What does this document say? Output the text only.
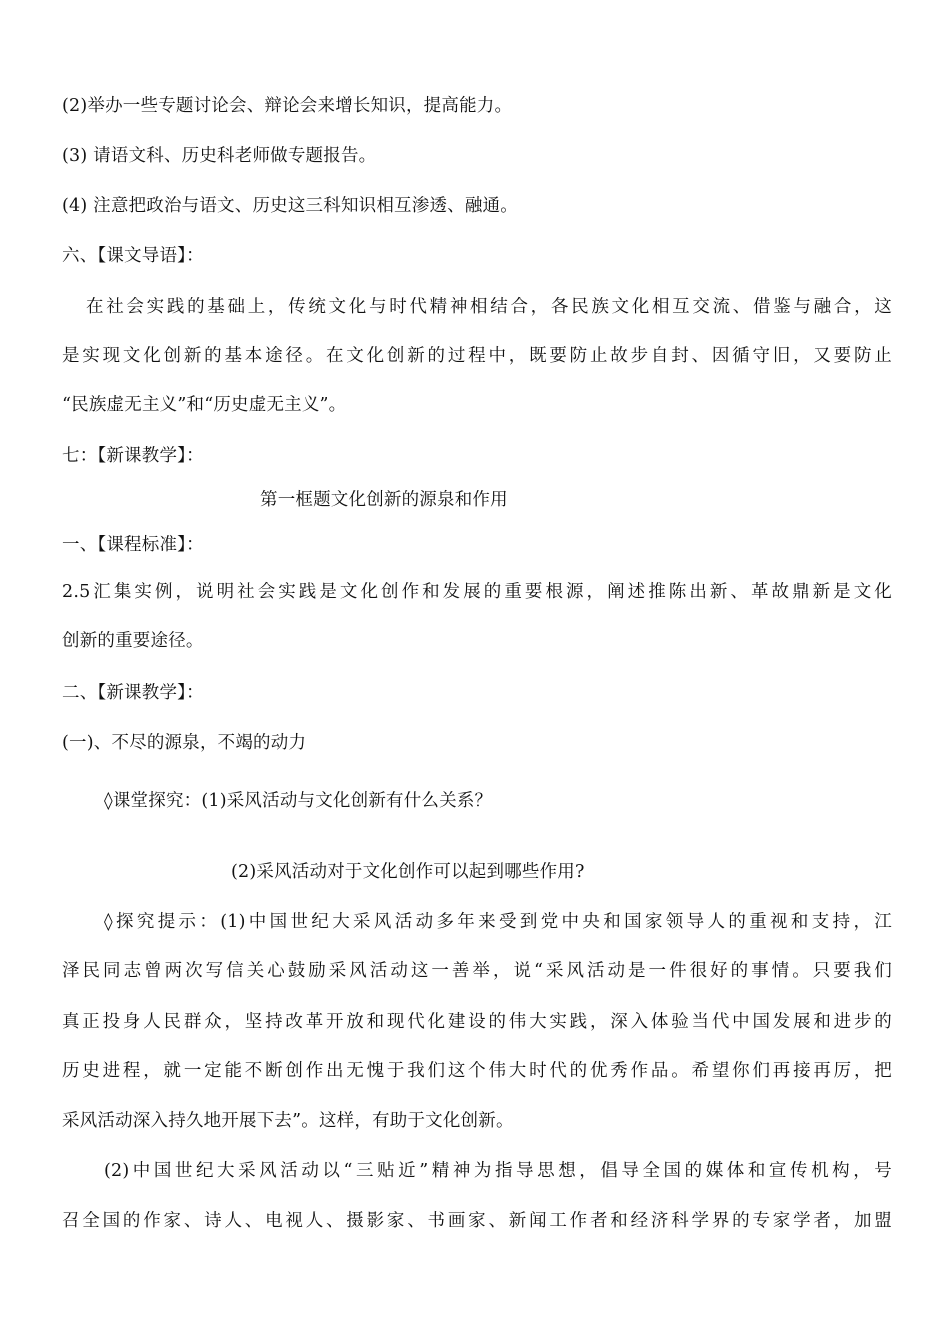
(2)举办一些专题讨论会、辩论会来增长知识，提高能力。
(3) 请语文科、历史科老师做专题报告。
(4) 注意把政治与语文、历史这三科知识相互渗透、融通。
六、【课文导语】：
在社会实践的基础上，传统文化与时代精神相结合，各民族文化相互交流、借鉴与融合，这
是实现文化创新的基本途径。在文化创新的过程中，既要防止故步自封、因循守旧，又要防止
“民族虚无主义”和“历史虚无主义”。
七：【新课教学】：
第一框题文化创新的源泉和作用
一、【课程标准】：
2.5汇集实例，说明社会实践是文化创作和发展的重要根源，阐述推陈出新、革故鼎新是文化
创新的重要途径。
二、【新课教学】：
(一)、不尽的源泉，不竭的动力
◊课堂探究：(1)采风活动与文化创新有什么关系？
(2)采风活动对于文化创作可以起到哪些作用?
◊探究提示：(1)中国世纪大采风活动多年来受到党中央和国家领导人的重视和支持，江
泽民同志曾两次写信关心鼓励采风活动这一善举，说“采风活动是一件很好的事情。只要我们
真正投身人民群众，坚持改革开放和现代化建设的伟大实践，深入体验当代中国发展和进步的
历史进程，就一定能不断创作出无愧于我们这个伟大时代的优秀作品。希望你们再接再厉，把
采风活动深入持久地开展下去”。这样，有助于文化创新。
(2)中国世纪大采风活动以“三贴近”精神为指导思想，倡导全国的媒体和宣传机构，号
召全国的作家、诗人、电视人、摄影家、书画家、新闻工作者和经济科学界的专家学者，加盟
